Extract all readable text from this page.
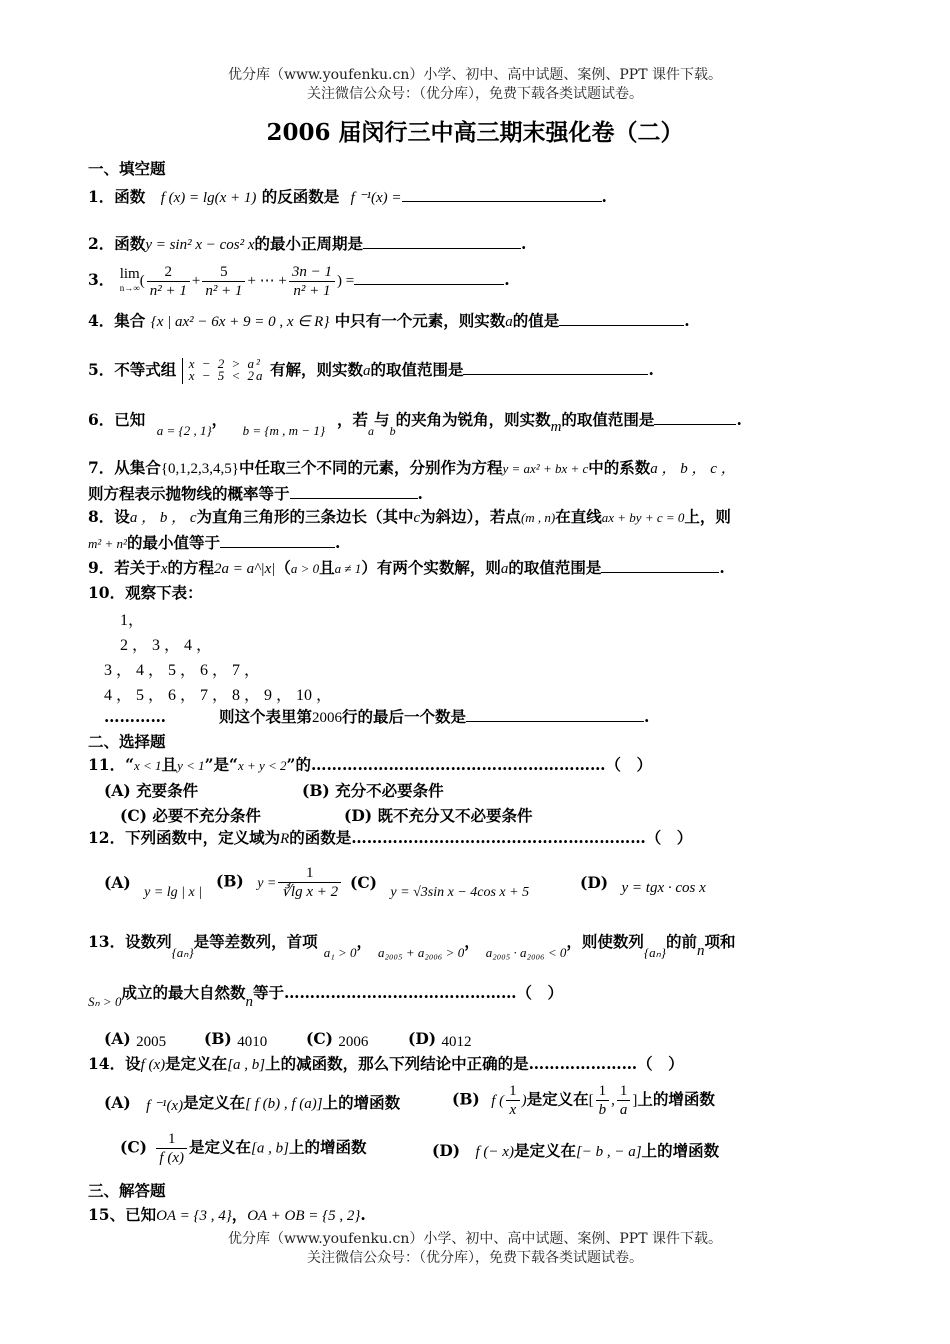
优分库（www.youfenku.cn）小学、初中、高中试题、案例、PPT 课件下载。
关注微信公众号：（优分库），免费下载各类试题试卷。
2006 届闵行三中高三期末强化卷（二）
一、填空题
1．函数 f (x) = lg(x + 1) 的反函数是 f ⁻¹(x) =	.
2．函数y = sin² x − cos² x的最小正周期是	.
3． lim
n→∞ ( $\frac{2}{\text{n² + 1}} + \frac{5}{\text{n² + 1}}$ + ⋯ + $\frac{3n - 1}{\text{n² + 1}}$ ) =	.
4．集合 {x | ax² − 6x + 9 = 0 , x ∈ R} 中只有一个元素，则实数a的值是	.
5．不等式组 x − 2 > a²
x − 5 < 2a 有解，则实数a的取值范围是	.
6．已知 $_{a = \{2 , 1\}}$， $_{b = \{m , m - 1\}}$，若$_a$与$_b$的夹角为锐角，则实数m的取值范围是	.
7．从集合{0,1,2,3,4,5}中任取三个不同的元素，分别作为方程y = ax² + bx + c中的系数a ， b ， c ，
则方程表示抛物线的概率等于	.
8．设a ， b ， c为直角三角形的三条边长（其中c为斜边），若点(m , n)在直线ax + by + c = 0上，则
m² + n²的最小值等于	.
9．若关于x的方程2a = a^|x|（a > 0且a ≠ 1）有两个实数解，则a的取值范围是	.
10．观察下表：
1，
2 ， 3 ， 4 ，
3 ， 4 ， 5 ， 6 ， 7 ，
4 ， 5 ， 6 ， 7 ， 8 ， 9 ， 10 ，
…………	则这个表里第2006行的最后一个数是	.
二、选择题
11．“x < 1且y < 1”是“x + y < 2”的…………………………………………………（　）
(A) 充要条件	(B) 充分不必要条件
(C) 必要不充分条件	(D) 既不充分又不必要条件
12．下列函数中，定义域为R的函数是…………………………………………………（　）
(A) y = lg | x |
(B) $y = \frac{1}{\text{∛lg x + 2}} (C) y = √3\sin$ x − 4cos x + 5
(D) y = tgx · cos x
13．设数列$_{\{a_n\}}$是等差数列，首项$_{a_1 > 0}$，$_{a_{2005} + a_{2006} > 0}$，$_{a_{2005} \cdot a_{2006} < 0}$，则使数列$_{\{a_n\}}$的前n项和
$_{S_n > 0}$成立的最大自然数n等于………………………………………（　）
(A) 2005 (B) 4010	(C) 2006	(D) 4012
14．设f (x)是定义在[a , b]上的减函数，那么下列结论中正确的是…………………（　）
(A) f ⁻¹(x)是定义在[ f (b) , f (a)]上的增函数	(B) f ( $\frac{1}{x}$ )是定义在[ $\frac{1}{b}$ , $\frac{1}{a}$ ]上的增函数
$(C) \frac{1}{f (x)}$ 是定义在[a , b]上的增函数	(D) f (− x)是定义在[− b , − a]上的增函数
三、解答题
15、已知OA = {3 , 4}，OA + OB = {5 , 2}.
优分库（www.youfenku.cn）小学、初中、高中试题、案例、PPT 课件下载。
关注微信公众号：（优分库），免费下载各类试题试卷。
